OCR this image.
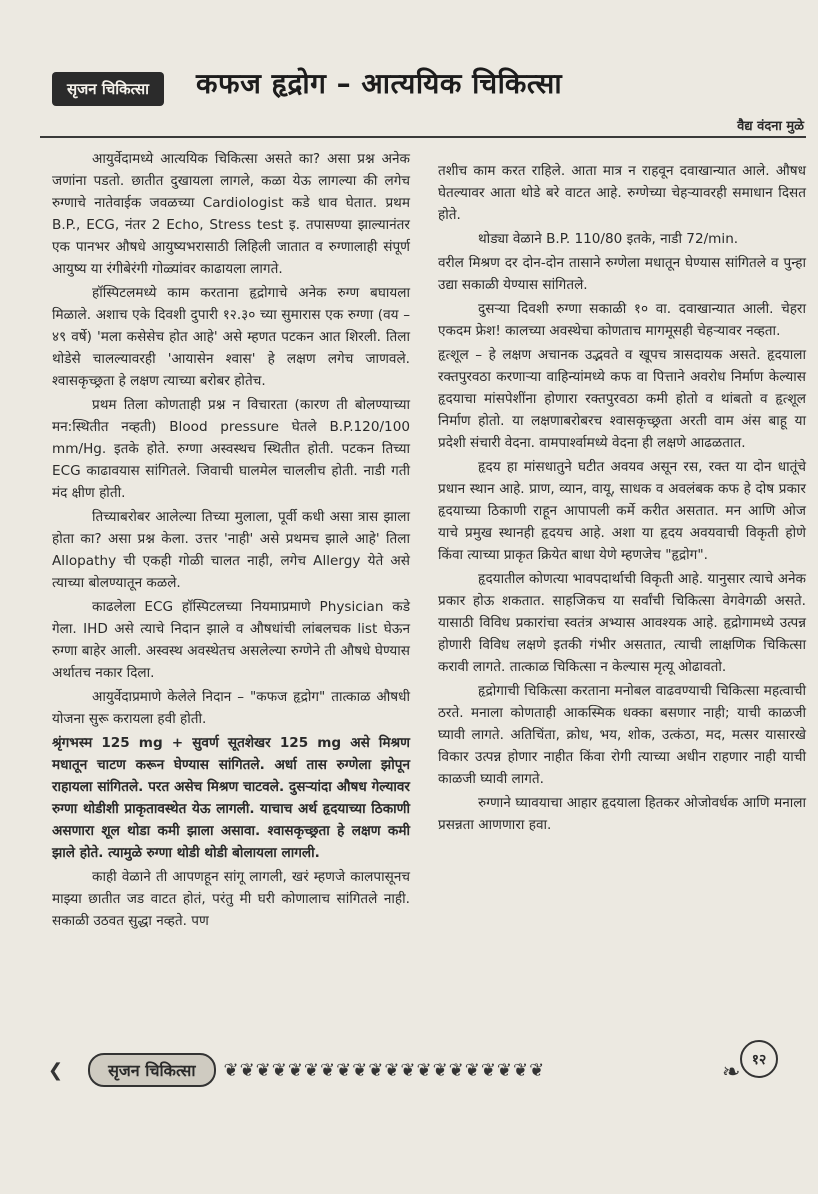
सृजन चिकित्सा	कफज हृद्रोग – आत्ययिक चिकित्सा
वैद्य वंदना मुळे

आयुर्वेदामध्ये आत्ययिक चिकित्सा असते का? असा प्रश्न अनेक जणांना पडतो. छातीत दुखायला लागले, कळा येऊ लागल्या की लगेच रुग्णाचे नातेवाईक जवळच्या Cardiologist कडे धाव घेतात. प्रथम B.P., ECG, नंतर 2 Echo, Stress test इ. तपासण्या झाल्यानंतर एक पानभर औषधे आयुष्यभरासाठी लिहिली जातात व रुग्णालाही संपूर्ण आयुष्य या रंगीबेरंगी गोळ्यांवर काढायला लागते.

हॉस्पिटलमध्ये काम करताना हृद्रोगाचे अनेक रुग्ण बघायला मिळाले. अशाच एके दिवशी दुपारी १२.३० च्या सुमारास एक रुग्णा (वय – ४९ वर्षे) 'मला कसेसेच होत आहे' असे म्हणत पटकन आत शिरली. तिला थोडेसे चालल्यावरही 'आयासेन श्वास' हे लक्षण लगेच जाणवले. श्वासकृच्छ्रता हे लक्षण त्याच्या बरोबर होतेच.

प्रथम तिला कोणताही प्रश्न न विचारता (कारण ती बोलण्याच्या मन:स्थितीत नव्हती) Blood pressure घेतले B.P.120/100 mm/Hg. इतके होते. रुग्णा अस्वस्थच स्थितीत होती. पटकन तिच्या ECG काढावयास सांगितले. जिवाची घालमेल चाललीच होती. नाडी गती मंद क्षीण होती.

तिच्याबरोबर आलेल्या तिच्या मुलाला, पूर्वी कधी असा त्रास झाला होता का? असा प्रश्न केला. उत्तर 'नाही' असे प्रथमच झाले आहे' तिला Allopathy ची एकही गोळी चालत नाही, लगेच Allergy येते असे त्याच्या बोलण्यातून कळले.

काढलेला ECG हॉस्पिटलच्या नियमाप्रमाणे Physician कडे गेला. IHD असे त्याचे निदान झाले व औषधांची लांबलचक list घेऊन रुग्णा बाहेर आली. अस्वस्थ अवस्थेतच असलेल्या रुग्णेने ती औषधे घेण्यास अर्थातच नकार दिला.

आयुर्वेदाप्रमाणे केलेले निदान – "कफज हृद्रोग" तात्काळ औषधी योजना सुरू करायला हवी होती.

श्रृंगभस्म 125 mg + सुवर्ण सूतशेखर 125 mg असे मिश्रण मधातून चाटण करून घेण्यास सांगितले. अर्धा तास रुग्णेला झोपून राहायला सांगितले. परत असेच मिश्रण चाटवले. दुसऱ्यांदा औषध गेल्यावर रुग्णा थोडीशी प्राकृतावस्थेत येऊ लागली. याचाच अर्थ हृदयाच्या ठिकाणी असणारा शूल थोडा कमी झाला असावा. श्वासकृच्छ्रता हे लक्षण कमी झाले होते. त्यामुळे रुग्णा थोडी थोडी बोलायला लागली.

काही वेळाने ती आपणहून सांगू लागली, खरं म्हणजे कालपासूनच माझ्या छातीत जड वाटत होतं, परंतु मी घरी कोणालाच सांगितले नाही. सकाळी उठवत सुद्धा नव्हते. पण

तशीच काम करत राहिले. आता मात्र न राहवून दवाखान्यात आले. औषध घेतल्यावर आता थोडे बरे वाटत आहे. रुग्णेच्या चेहऱ्यावरही समाधान दिसत होते.

थोड्या वेळाने B.P. 110/80 इतके, नाडी 72/min.

वरील मिश्रण दर दोन-दोन तासाने रुग्णेला मधातून घेण्यास सांगितले व पुन्हा उद्या सकाळी येण्यास सांगितले.

दुसऱ्या दिवशी रुग्णा सकाळी १० वा. दवाखान्यात आली. चेहरा एकदम फ्रेश! कालच्या अवस्थेचा कोणताच मागमूसही चेहऱ्यावर नव्हता.

हृत्शूल – हे लक्षण अचानक उद्भवते व खूपच त्रासदायक असते. हृदयाला रक्तपुरवठा करणाऱ्या वाहिन्यांमध्ये कफ वा पित्ताने अवरोध निर्माण केल्यास हृदयाचा मांसपेशींना होणारा रक्तपुरवठा कमी होतो व थांबतो व हृत्शूल निर्माण होतो. या लक्षणाबरोबरच श्वासकृच्छ्रता अरती वाम अंस बाहू या प्रदेशी संचारी वेदना. वामपार्श्वामध्ये वेदना ही लक्षणे आढळतात.

हृदय हा मांसधातुने घटीत अवयव असून रस, रक्त या दोन धातूंचे प्रधान स्थान आहे. प्राण, व्यान, वायू, साधक व अवलंबक कफ हे दोष प्रकार हृदयाच्या ठिकाणी राहून आपापली कर्मे करीत असतात. मन आणि ओज याचे प्रमुख स्थानही हृदयच आहे. अशा या हृदय अवयवाची विकृती होणे किंवा त्याच्या प्राकृत क्रियेत बाधा येणे म्हणजेच "हृद्रोग".

हृदयातील कोणत्या भावपदार्थाची विकृती आहे. यानुसार त्याचे अनेक प्रकार होऊ शकतात. साहजिकच या सर्वांची चिकित्सा वेगवेगळी असते. यासाठी विविध प्रकारांचा स्वतंत्र अभ्यास आवश्यक आहे. हृद्रोगामध्ये उत्पन्न होणारी विविध लक्षणे इतकी गंभीर असतात, त्याची लाक्षणिक चिकित्सा करावी लागते. तात्काळ चिकित्सा न केल्यास मृत्यू ओढावतो.

हृद्रोगाची चिकित्सा करताना मनोबल वाढवण्याची चिकित्सा महत्वाची ठरते. मनाला कोणताही आकस्मिक धक्का बसणार नाही; याची काळजी घ्यावी लागते. अतिचिंता, क्रोध, भय, शोक, उत्कंठा, मद, मत्सर यासारखे विकार उत्पन्न होणार नाहीत किंवा रोगी त्याच्या अधीन राहणार नाही याची काळजी घ्यावी लागते.

रुग्णाने घ्यावयाचा आहार हृदयाला हितकर ओजोवर्धक आणि मनाला प्रसन्नता आणणारा हवा.

❮	सृजन चिकित्सा	❦❦❦❦❦❦❦❦❦❦❦❦❦❦❦❦❦❦❦❦	१२
❧
